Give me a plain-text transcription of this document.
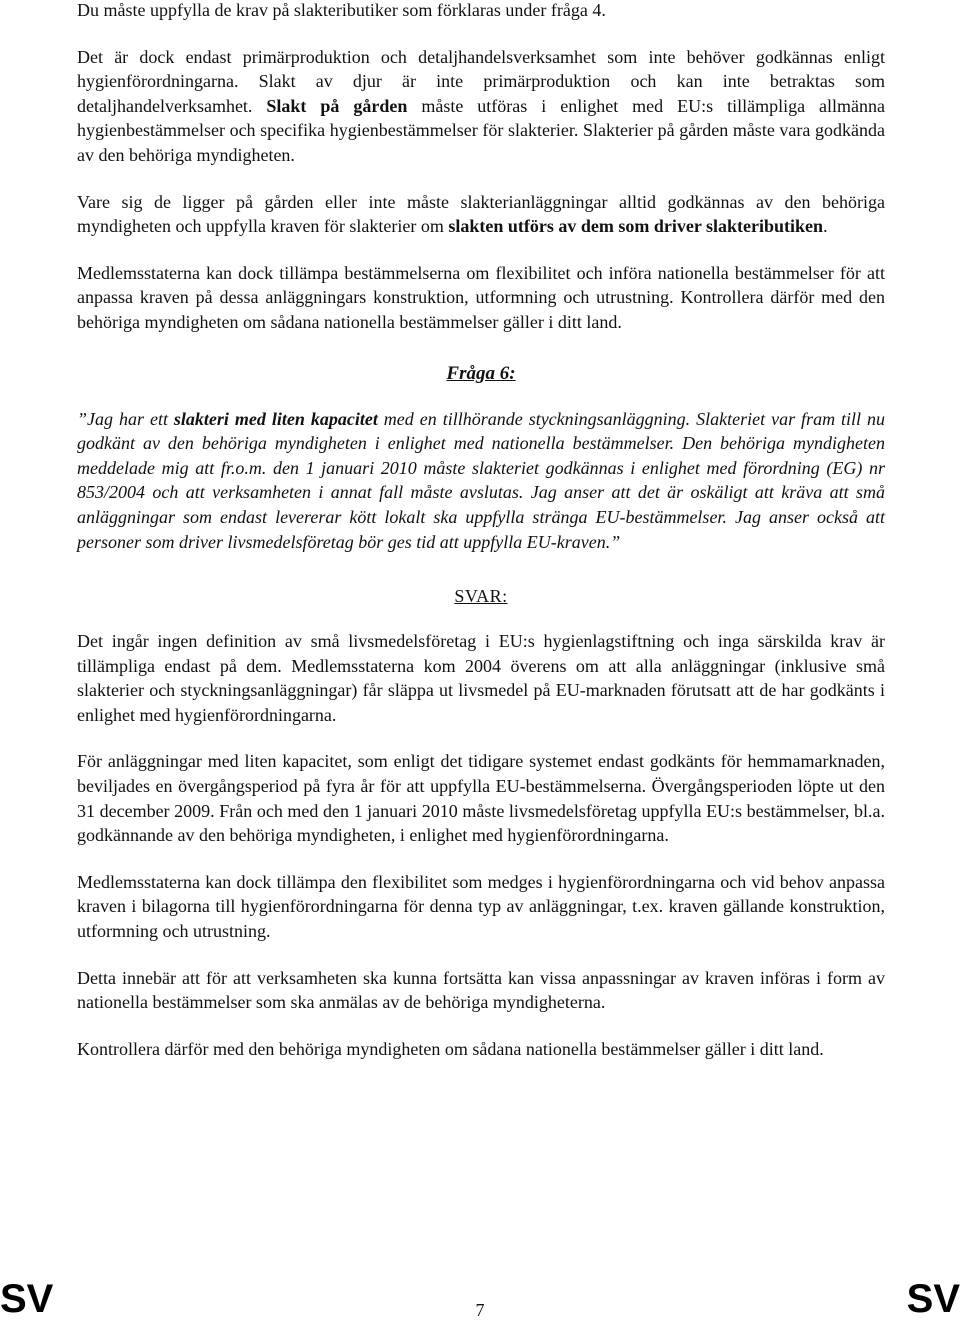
Du måste uppfylla de krav på slakteributiker som förklaras under fråga 4.

Det är dock endast primärproduktion och detaljhandelsverksamhet som inte behöver godkännas enligt hygienförordningarna. Slakt av djur är inte primärproduktion och kan inte betraktas som detaljhandelverksamhet. Slakt på gården måste utföras i enlighet med EU:s tillämpliga allmänna hygienbestämmelser och specifika hygienbestämmelser för slakterier. Slakterier på gården måste vara godkända av den behöriga myndigheten.

Vare sig de ligger på gården eller inte måste slakterianläggningar alltid godkännas av den behöriga myndigheten och uppfylla kraven för slakterier om slakten utförs av dem som driver slakteributiken.

Medlemsstaterna kan dock tillämpa bestämmelserna om flexibilitet och införa nationella bestämmelser för att anpassa kraven på dessa anläggningars konstruktion, utformning och utrustning. Kontrollera därför med den behöriga myndigheten om sådana nationella bestämmelser gäller i ditt land.

Fråga 6:

”Jag har ett slakteri med liten kapacitet med en tillhörande styckningsanläggning. Slakteriet var fram till nu godkänt av den behöriga myndigheten i enlighet med nationella bestämmelser. Den behöriga myndigheten meddelade mig att fr.o.m. den 1 januari 2010 måste slakteriet godkännas i enlighet med förordning (EG) nr 853/2004 och att verksamheten i annat fall måste avslutas. Jag anser att det är oskäligt att kräva att små anläggningar som endast levererar kött lokalt ska uppfylla stränga EU-bestämmelser. Jag anser också att personer som driver livsmedelsföretag bör ges tid att uppfylla EU-kraven.”

SVAR:

Det ingår ingen definition av små livsmedelsföretag i EU:s hygienlagstiftning och inga särskilda krav är tillämpliga endast på dem. Medlemsstaterna kom 2004 överens om att alla anläggningar (inklusive små slakterier och styckningsanläggningar) får släppa ut livsmedel på EU-marknaden förutsatt att de har godkänts i enlighet med hygienförordningarna.

För anläggningar med liten kapacitet, som enligt det tidigare systemet endast godkänts för hemmamarknaden, beviljades en övergångsperiod på fyra år för att uppfylla EU-bestämmelserna. Övergångsperioden löpte ut den 31 december 2009. Från och med den 1 januari 2010 måste livsmedelsföretag uppfylla EU:s bestämmelser, bl.a. godkännande av den behöriga myndigheten, i enlighet med hygienförordningarna.

Medlemsstaterna kan dock tillämpa den flexibilitet som medges i hygienförordningarna och vid behov anpassa kraven i bilagorna till hygienförordningarna för denna typ av anläggningar, t.ex. kraven gällande konstruktion, utformning och utrustning.

Detta innebär att för att verksamheten ska kunna fortsätta kan vissa anpassningar av kraven införas i form av nationella bestämmelser som ska anmälas av de behöriga myndigheterna.

Kontrollera därför med den behöriga myndigheten om sådana nationella bestämmelser gäller i ditt land.

SV	7	SV
